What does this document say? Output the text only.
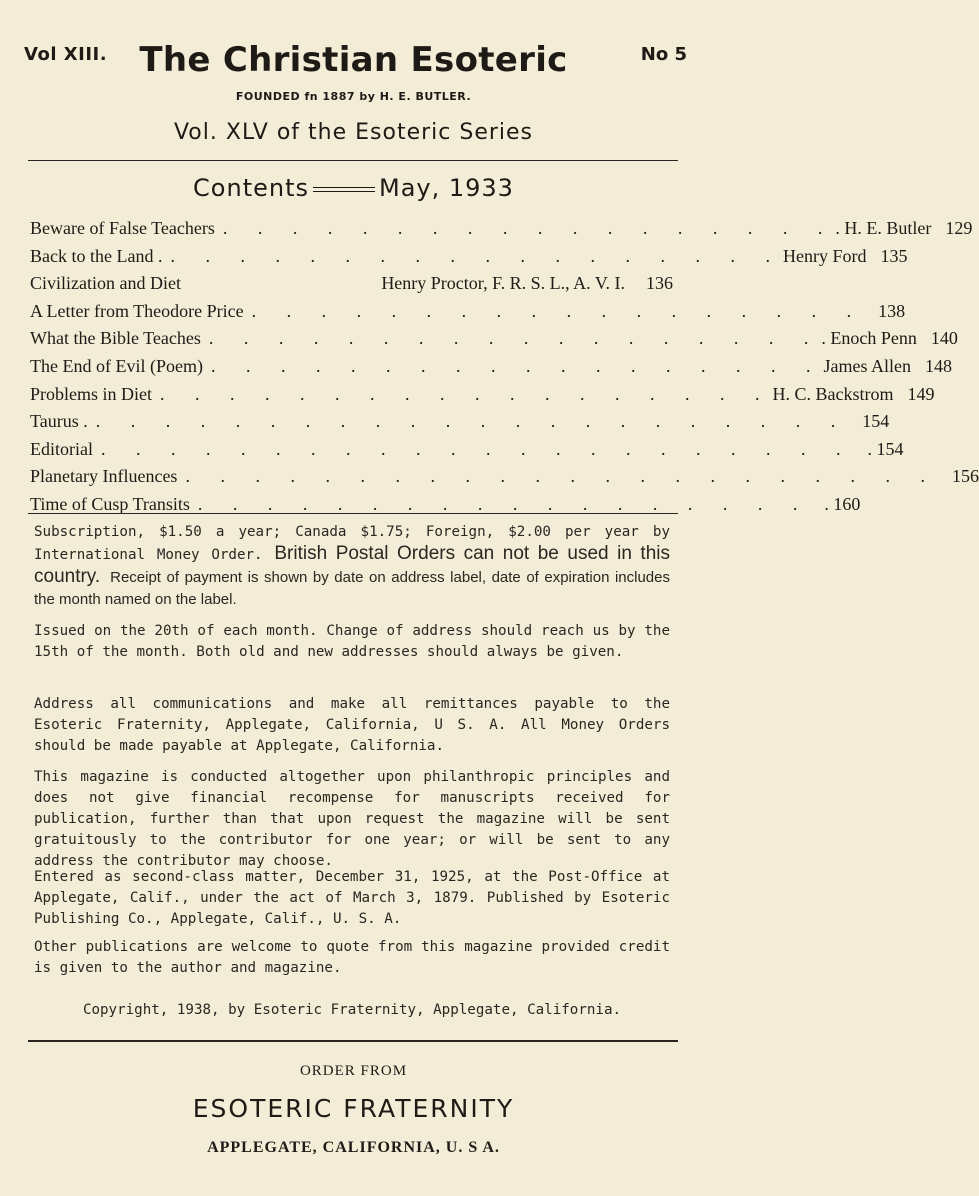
Vol XIII. The Christian Esoteric	No 5
FOUNDED fn 1887 by H. E. BUTLER.
Vol. XLV of the Esoteric Series
Contents	May, 1933
Beware of False Teachers . . . . . . . . . . . . . . . . . . . H. E. Butler 129
Back to the Land . . . . . . . . . . . . . . . . . . . Henry Ford 135
Civilization and Diet	Henry Proctor, F. R. S. L., A. V. I.	136
A Letter from Theodore Price . . . . . . . . . . . . . . . . . . 138
What the Bible Teaches . . . . . . . . . . . . . . . . . . . Enoch Penn 140
The End of Evil (Poem) . . . . . . . . . . . . . . . . . . James Allen 148
Problems in Diet . . . . . . . . . . . . . . . . . . H. C. Backstrom 149
Taurus . . . . . . . . . . . . . . . . . . . . . . . 154
Editorial . . . . . . . . . . . . . . . . . . . . . . . 154
Planetary Influences . . . . . . . . . . . . . . . . . . . . . . 156
Time of Cusp Transits . . . . . . . . . . . . . . . . . . . 160
Subscription, $1.50 a year; Canada $1.75; Foreign, $2.00 per year by International Money Order. British Postal Orders can not be used in this country. Receipt of payment is shown by date on address label, date of expiration includes the month named on the label.
Issued on the 20th of each month. Change of address should reach us by the 15th of the month. Both old and new addresses should always be given.
Address all communications and make all remittances payable to the Esoteric Fraternity, Applegate, California, U S. A. All Money Orders should be made payable at Applegate, California.
This magazine is conducted altogether upon philanthropic principles and does not give financial recompense for manuscripts received for publication, further than that upon request the magazine will be sent gratuitously to the contributor for one year; or will be sent to any address the contributor may choose.
Entered as second-class matter, December 31, 1925, at the Post-Office at Applegate, Calif., under the act of March 3, 1879. Published by Esoteric Publishing Co., Applegate, Calif., U. S. A.
Other publications are welcome to quote from this magazine provided credit is given to the author and magazine.
Copyright, 1938, by Esoteric Fraternity, Applegate, California.
ORDER FROM
ESOTERIC FRATERNITY
APPLEGATE, CALIFORNIA, U. S A.
